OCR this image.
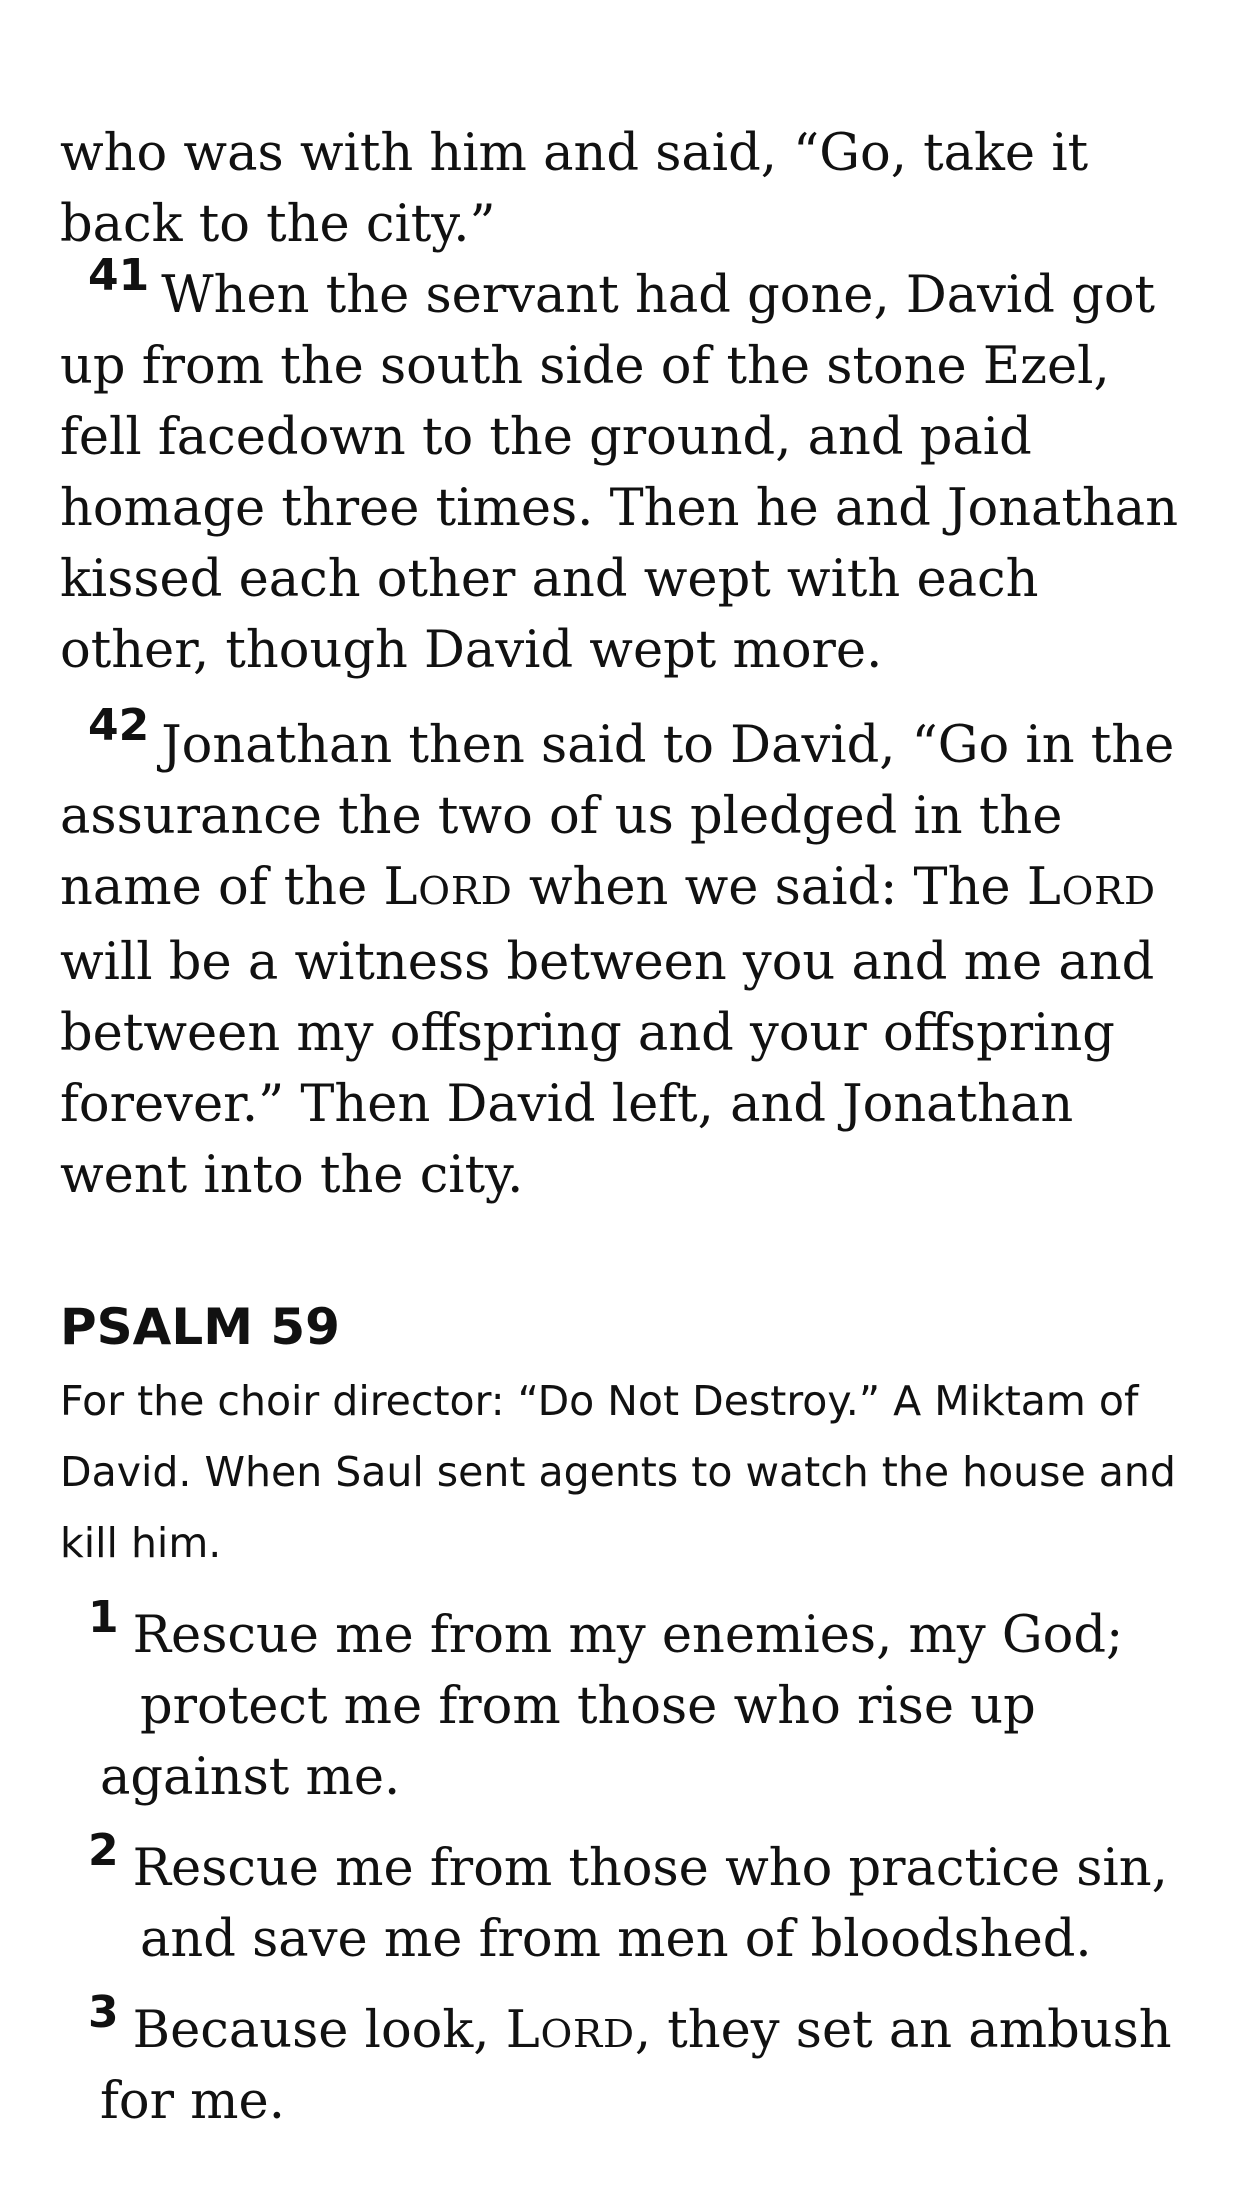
who was with him and said, “Go, take it back to the city.”

41 When the servant had gone, David got up from the south side of the stone Ezel, fell facedown to the ground, and paid homage three times. Then he and Jonathan kissed each other and wept with each other, though David wept more.

42 Jonathan then said to David, “Go in the assurance the two of us pledged in the name of the LORD when we said: The LORD will be a witness between you and me and between my offspring and your offspring forever.” Then David left, and Jonathan went into the city.

PSALM 59

For the choir director: “Do Not Destroy.” A Miktam of David. When Saul sent agents to watch the house and kill him.

1 Rescue me from my enemies, my God;

protect me from those who rise up

against me.

2 Rescue me from those who practice sin,

and save me from men of bloodshed.

3 Because look, LORD, they set an ambush

for me.
